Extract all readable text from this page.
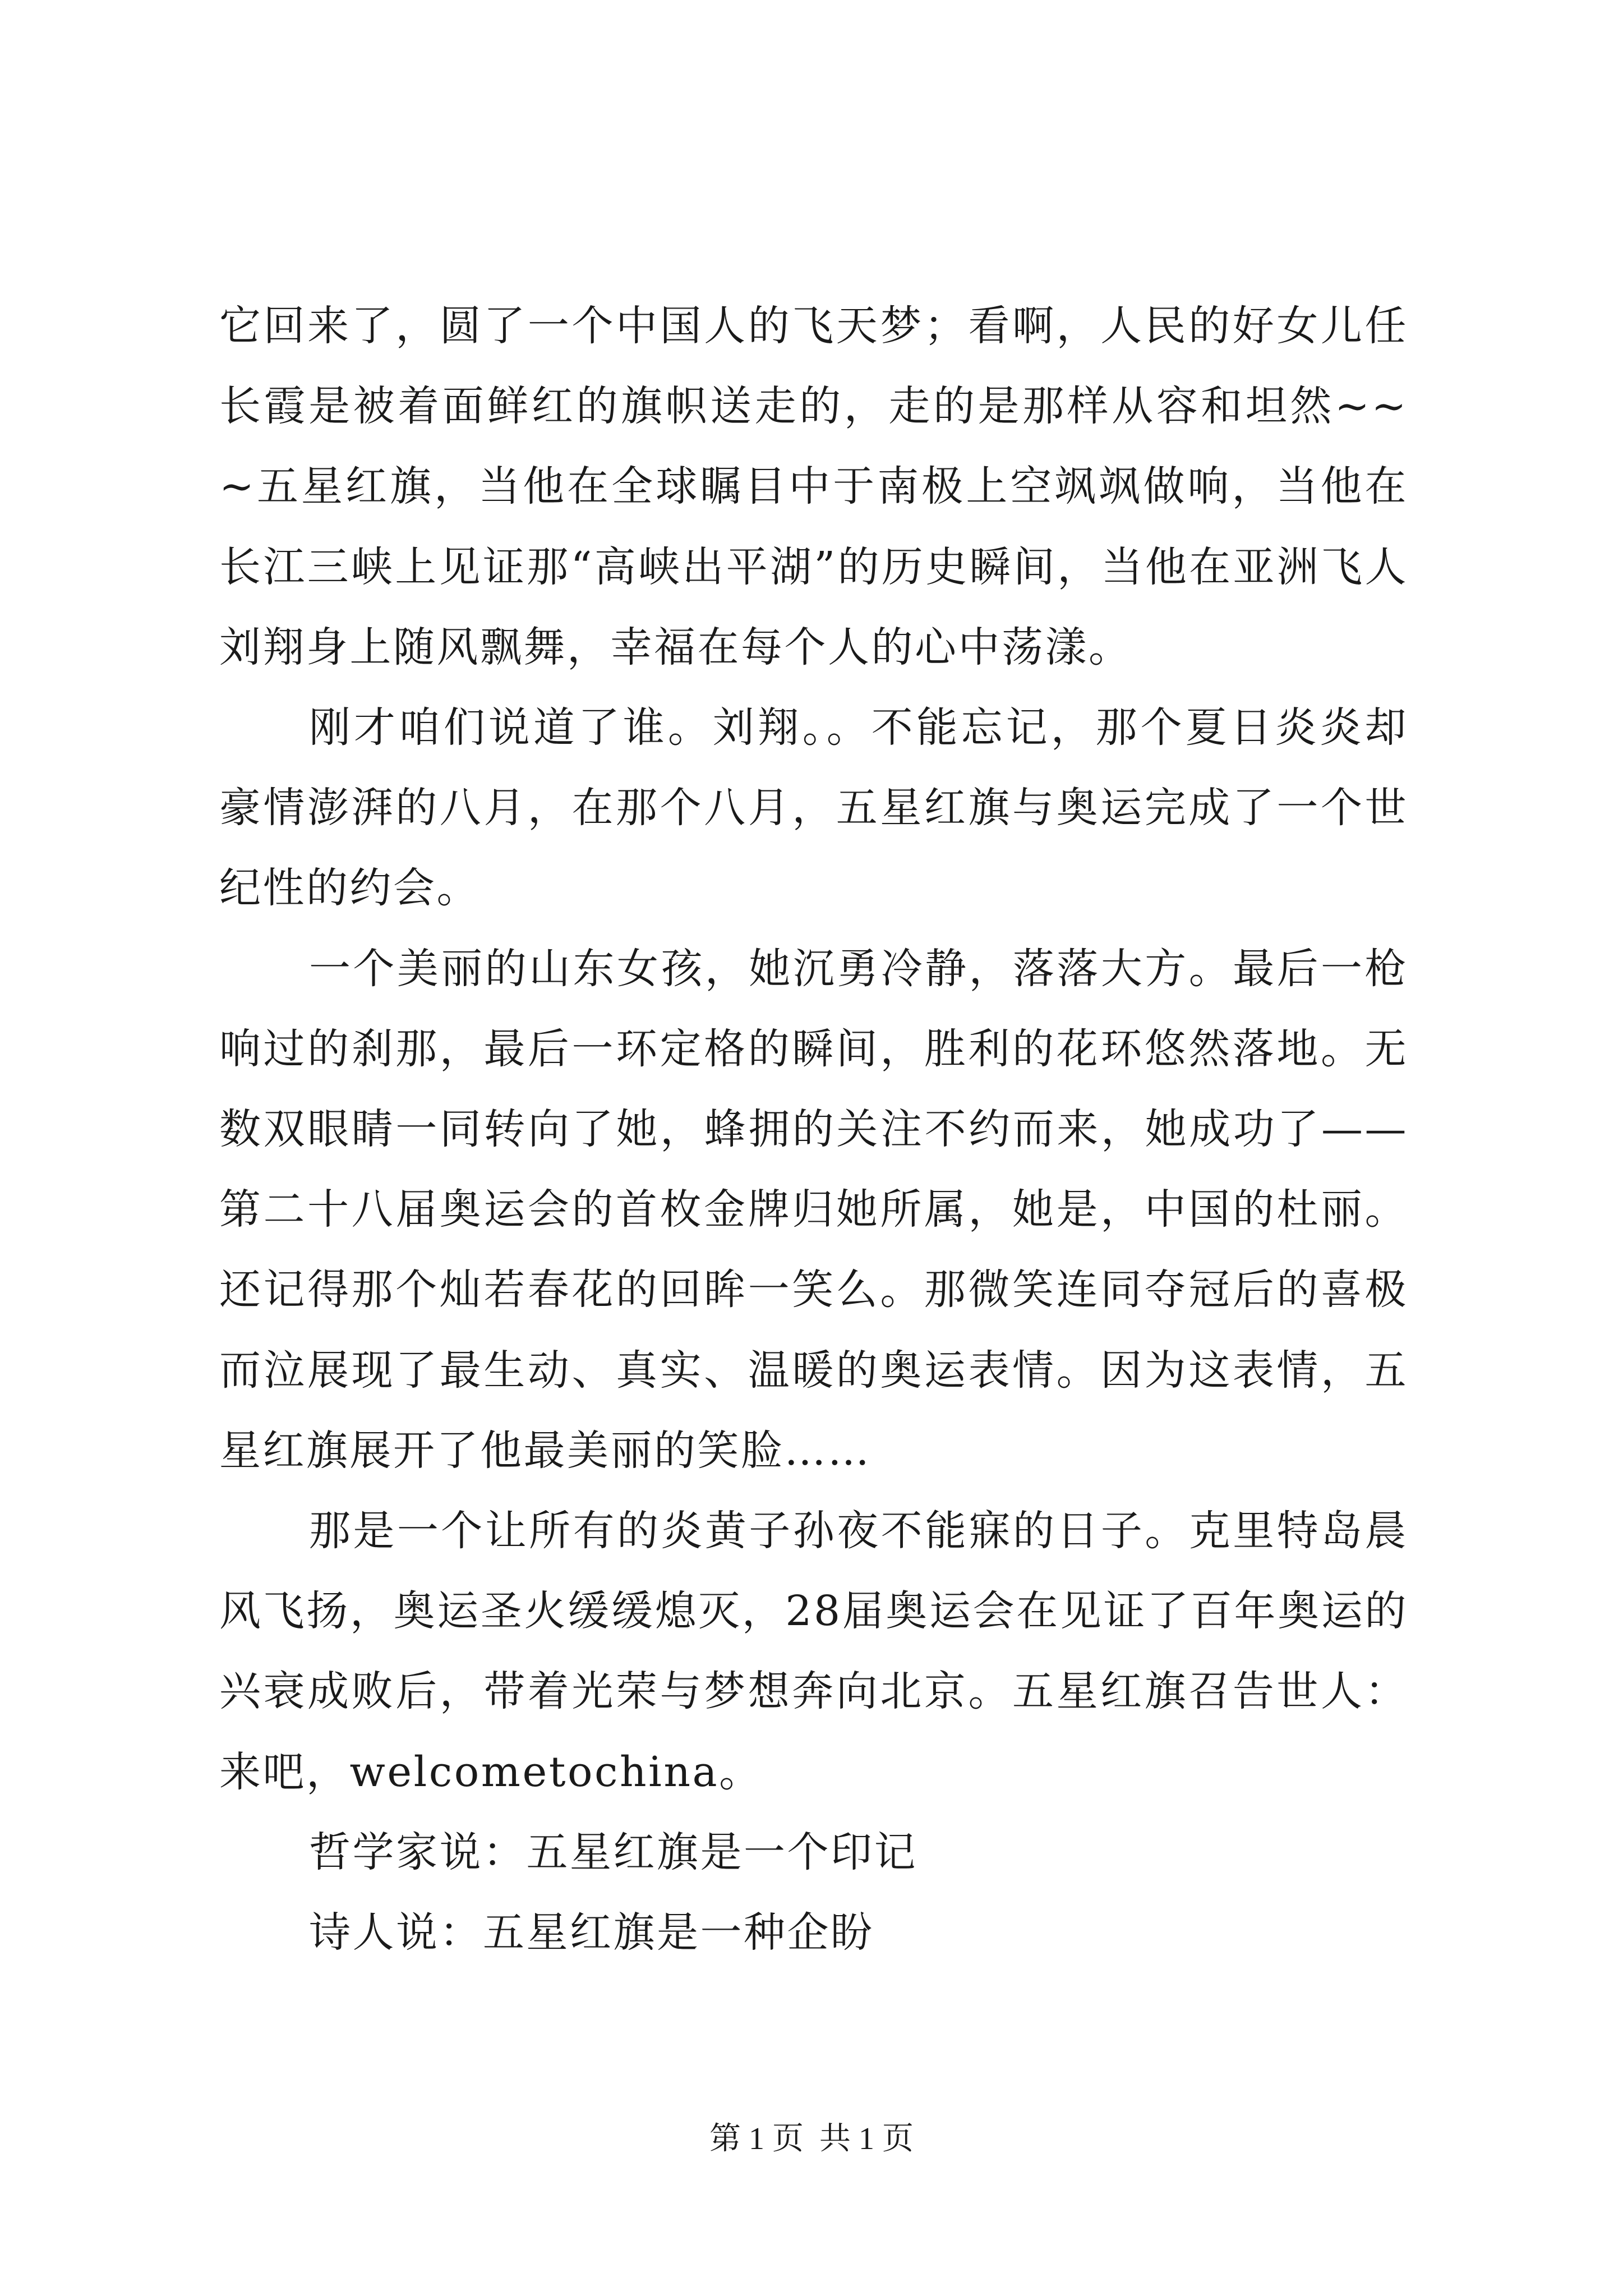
它回来了，圆了一个中国人的飞天梦；看啊，人民的好女儿任长霞是被着面鲜红的旗帜送走的，走的是那样从容和坦然~~~五星红旗，当他在全球瞩目中于南极上空飒飒做响，当他在长江三峡上见证那“高峡出平湖”的历史瞬间，当他在亚洲飞人刘翔身上随风飘舞，幸福在每个人的心中荡漾。

刚才咱们说道了谁。刘翔。。不能忘记，那个夏日炎炎却豪情澎湃的八月，在那个八月，五星红旗与奥运完成了一个世纪性的约会。

一个美丽的山东女孩，她沉勇冷静，落落大方。最后一枪响过的刹那，最后一环定格的瞬间，胜利的花环悠然落地。无数双眼睛一同转向了她，蜂拥的关注不约而来，她成功了——第二十八届奥运会的首枚金牌归她所属，她是，中国的杜丽。还记得那个灿若春花的回眸一笑么。那微笑连同夺冠后的喜极而泣展现了最生动、真实、温暖的奥运表情。因为这表情，五星红旗展开了他最美丽的笑脸……

那是一个让所有的炎黄子孙夜不能寐的日子。克里特岛晨风飞扬，奥运圣火缓缓熄灭，28届奥运会在见证了百年奥运的兴衰成败后，带着光荣与梦想奔向北京。五星红旗召告世人：来吧，welcometochina。

哲学家说：五星红旗是一个印记

诗人说：五星红旗是一种企盼

第 1 页  共 1 页
